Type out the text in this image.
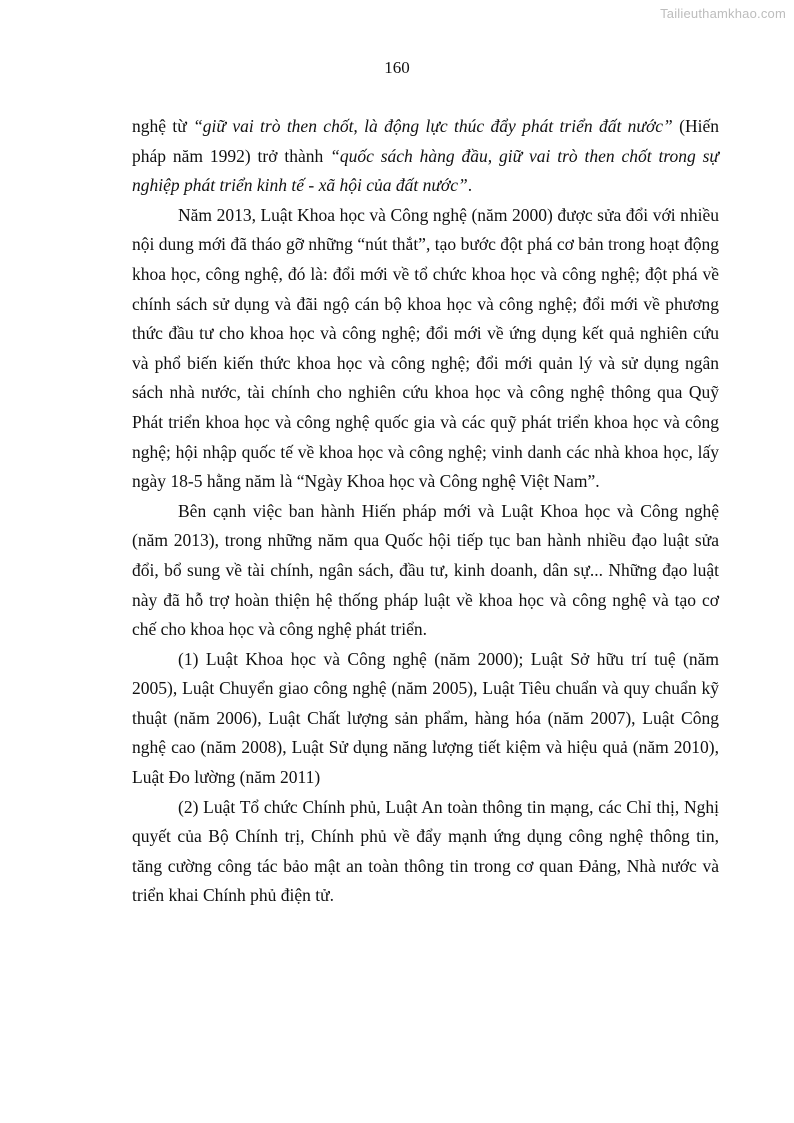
Tailieuthamkhao.com
160

nghệ từ “giữ vai trò then chốt, là động lực thúc đẩy phát triển đất nước” (Hiến pháp năm 1992) trở thành “quốc sách hàng đầu, giữ vai trò then chốt trong sự nghiệp phát triển kinh tế - xã hội của đất nước”.

Năm 2013, Luật Khoa học và Công nghệ (năm 2000) được sửa đổi với nhiều nội dung mới đã tháo gỡ những “nút thắt”, tạo bước đột phá cơ bản trong hoạt động khoa học, công nghệ, đó là: đổi mới về tổ chức khoa học và công nghệ; đột phá về chính sách sử dụng và đãi ngộ cán bộ khoa học và công nghệ; đổi mới về phương thức đầu tư cho khoa học và công nghệ; đổi mới về ứng dụng kết quả nghiên cứu và phổ biến kiến thức khoa học và công nghệ; đổi mới quản lý và sử dụng ngân sách nhà nước, tài chính cho nghiên cứu khoa học và công nghệ thông qua Quỹ Phát triển khoa học và công nghệ quốc gia và các quỹ phát triển khoa học và công nghệ; hội nhập quốc tế về khoa học và công nghệ; vinh danh các nhà khoa học, lấy ngày 18-5 hằng năm là “Ngày Khoa học và Công nghệ Việt Nam”.

Bên cạnh việc ban hành Hiến pháp mới và Luật Khoa học và Công nghệ (năm 2013), trong những năm qua Quốc hội tiếp tục ban hành nhiều đạo luật sửa đổi, bổ sung về tài chính, ngân sách, đầu tư, kinh doanh, dân sự... Những đạo luật này đã hỗ trợ hoàn thiện hệ thống pháp luật về khoa học và công nghệ và tạo cơ chế cho khoa học và công nghệ phát triển.

(1) Luật Khoa học và Công nghệ (năm 2000); Luật Sở hữu trí tuệ (năm 2005), Luật Chuyển giao công nghệ (năm 2005), Luật Tiêu chuẩn và quy chuẩn kỹ thuật (năm 2006), Luật Chất lượng sản phẩm, hàng hóa (năm 2007), Luật Công nghệ cao (năm 2008), Luật Sử dụng năng lượng tiết kiệm và hiệu quả (năm 2010), Luật Đo lường (năm 2011)

(2) Luật Tổ chức Chính phủ, Luật An toàn thông tin mạng, các Chỉ thị, Nghị quyết của Bộ Chính trị, Chính phủ về đẩy mạnh ứng dụng công nghệ thông tin, tăng cường công tác bảo mật an toàn thông tin trong cơ quan Đảng, Nhà nước và triển khai Chính phủ điện tử.
